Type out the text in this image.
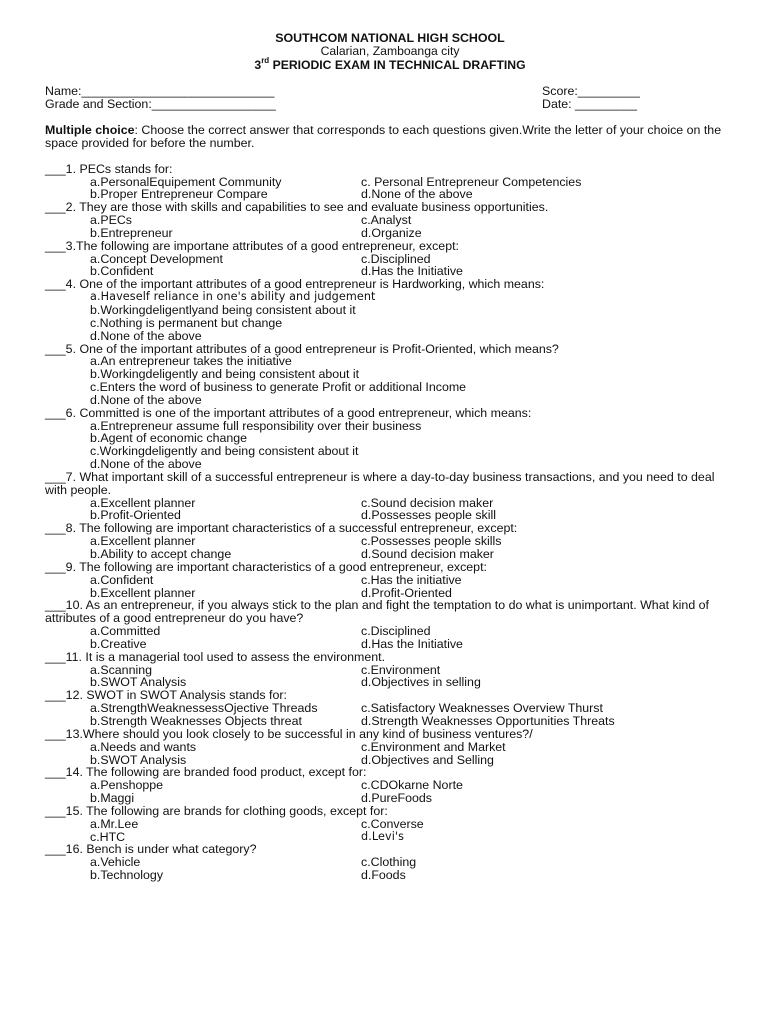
SOUTHCOM NATIONAL HIGH SCHOOL
Calarian, Zamboanga city
3rd PERIODIC EXAM IN TECHNICAL DRAFTING
Name:____________________________	Score:_________
Grade and Section:__________________	Date: _________
Multiple choice: Choose the correct answer that corresponds to each questions given.Write the letter of your choice on the space provided for before the number.
___1. PECs stands for:
a.PersonalEquipement Community	c. Personal Entrepreneur Competencies
b.Proper Entrepreneur Compare	d.None of the above
___2. They are those with skills and capabilities to see and evaluate business opportunities.
a.PECs	c.Analyst
b.Entrepreneur	d.Organize
___3.The following are importane attributes of a good entrepreneur, except:
a.Concept Development	c.Disciplined
b.Confident	d.Has the Initiative
___4. One of the important attributes of a good entrepreneur is Hardworking, which means:
a.Haveself reliance in one's ability and judgement
b.Workingdeligentlyand being consistent about it
c.Nothing is permanent but change
d.None of the above
___5. One of the important attributes of a good entrepreneur is Profit-Oriented, which means?
a.An entrepreneur takes the initiative
b.Workingdeligently and being consistent about it
c.Enters the word of business to generate Profit or additional Income
d.None of the above
___6. Committed is one of the important attributes of a good entrepreneur, which means:
a.Entrepreneur assume full responsibility over their business
b.Agent of economic change
c.Workingdeligently and being consistent about it
d.None of the above
___7. What important skill of a successful entrepreneur is where a day-to-day business transactions, and you need to deal with people.
a.Excellent planner	c.Sound decision maker
b.Profit-Oriented	d.Possesses people skill
___8. The following are important characteristics of a successful entrepreneur, except:
a.Excellent planner	c.Possesses people skills
b.Ability to accept change	d.Sound decision maker
___9. The following are important characteristics of a good entrepreneur, except:
a.Confident	c.Has the initiative
b.Excellent planner	d.Profit-Oriented
___10. As an entrepreneur, if you always stick to the plan and fight the temptation to do what is unimportant. What kind of attributes of a good entrepreneur do you have?
a.Committed	c.Disciplined
b.Creative	d.Has the Initiative
___11. It is a managerial tool used to assess the environment.
a.Scanning	c.Environment
b.SWOT Analysis	d.Objectives in selling
___12. SWOT in SWOT Analysis stands for:
a.StrengthWeaknessessOjective Threads	c.Satisfactory Weaknesses Overview Thurst
b.Strength Weaknesses Objects threat	d.Strength Weaknesses Opportunities Threats
___13.Where should you look closely to be successful in any kind of business ventures?/
a.Needs and wants	c.Environment and Market
b.SWOT Analysis	d.Objectives and Selling
___14. The following are branded food product, except for:
a.Penshoppe	c.CDOkarne Norte
b.Maggi	d.PureFoods
___15. The following are brands for clothing goods, except for:
a.Mr.Lee	c.Converse
c.HTC	d.Levi's
___16. Bench is under what category?
a.Vehicle	c.Clothing
b.Technology	d.Foods
